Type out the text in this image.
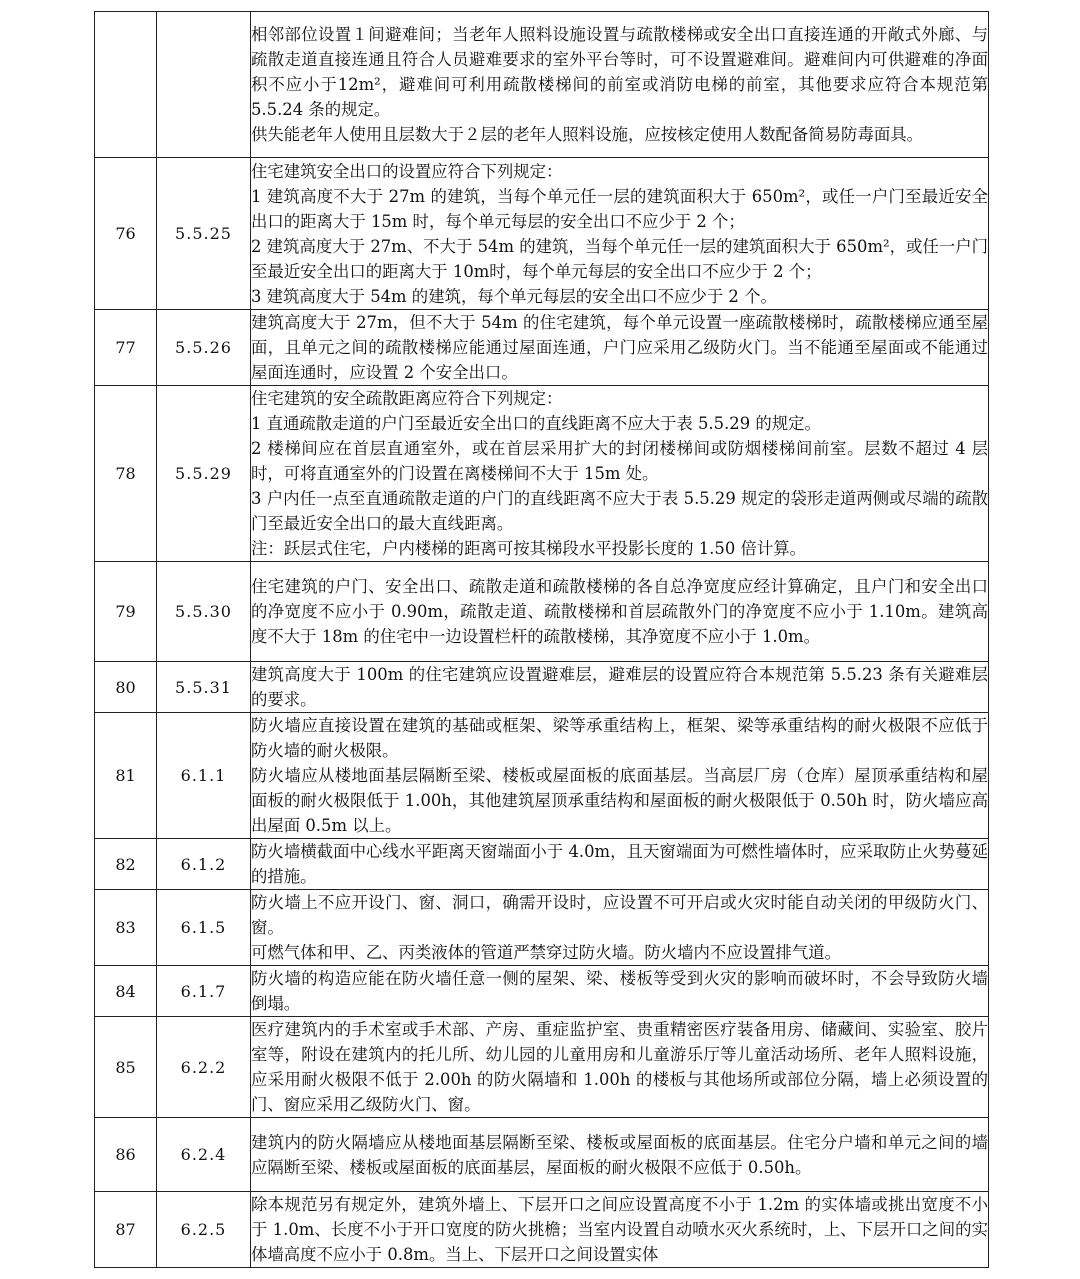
		相邻部位设置１间避难间；当老年人照料设施设置与疏散楼梯或安全出口直接连通的开敞式外廊、与疏散走道直接连通且符合人员避难要求的室外平台等时，可不设置避难间。避难间内可供避难的净面积不应小于12m²，避难间可利用疏散楼梯间的前室或消防电梯的前室，其他要求应符合本规范第 5.5.24 条的规定。

供失能老年人使用且层数大于２层的老年人照料设施，应按核定使用人数配备简易防毒面具。

76	5.5.25	住宅建筑安全出口的设置应符合下列规定：

1 建筑高度不大于 27m 的建筑，当每个单元任一层的建筑面积大于 650m²，或任一户门至最近安全出口的距离大于 15m 时，每个单元每层的安全出口不应少于 2 个；

2 建筑高度大于 27m、不大于 54m 的建筑，当每个单元任一层的建筑面积大于 650m²，或任一户门至最近安全出口的距离大于 10m时，每个单元每层的安全出口不应少于 2 个；

3 建筑高度大于 54m 的建筑，每个单元每层的安全出口不应少于 2 个。

77	5.5.26	建筑高度大于 27m，但不大于 54m 的住宅建筑，每个单元设置一座疏散楼梯时，疏散楼梯应通至屋面，且单元之间的疏散楼梯应能通过屋面连通，户门应采用乙级防火门。当不能通至屋面或不能通过屋面连通时，应设置 2 个安全出口。

78	5.5.29	住宅建筑的安全疏散距离应符合下列规定：

1 直通疏散走道的户门至最近安全出口的直线距离不应大于表 5.5.29 的规定。

2 楼梯间应在首层直通室外，或在首层采用扩大的封闭楼梯间或防烟楼梯间前室。层数不超过 4 层时，可将直通室外的门设置在离楼梯间不大于 15m 处。

3 户内任一点至直通疏散走道的户门的直线距离不应大于表 5.5.29 规定的袋形走道两侧或尽端的疏散门至最近安全出口的最大直线距离。

注：跃层式住宅，户内楼梯的距离可按其梯段水平投影长度的 1.50 倍计算。

79	5.5.30	住宅建筑的户门、安全出口、疏散走道和疏散楼梯的各自总净宽度应经计算确定，且户门和安全出口的净宽度不应小于 0.90m，疏散走道、疏散楼梯和首层疏散外门的净宽度不应小于 1.10m。建筑高度不大于 18m 的住宅中一边设置栏杆的疏散楼梯，其净宽度不应小于 1.0m。

80	5.5.31	建筑高度大于 100m 的住宅建筑应设置避难层，避难层的设置应符合本规范第 5.5.23 条有关避难层的要求。

81	6.1.1	防火墙应直接设置在建筑的基础或框架、梁等承重结构上，框架、梁等承重结构的耐火极限不应低于防火墙的耐火极限。

防火墙应从楼地面基层隔断至梁、楼板或屋面板的底面基层。当高层厂房（仓库）屋顶承重结构和屋面板的耐火极限低于 1.00h，其他建筑屋顶承重结构和屋面板的耐火极限低于 0.50h 时，防火墙应高出屋面 0.5m 以上。

82	6.1.2	防火墙横截面中心线水平距离天窗端面小于 4.0m，且天窗端面为可燃性墙体时，应采取防止火势蔓延的措施。

83	6.1.5	防火墙上不应开设门、窗、洞口，确需开设时，应设置不可开启或火灾时能自动关闭的甲级防火门、窗。

可燃气体和甲、乙、丙类液体的管道严禁穿过防火墙。防火墙内不应设置排气道。

84	6.1.7	防火墙的构造应能在防火墙任意一侧的屋架、梁、楼板等受到火灾的影响而破坏时，不会导致防火墙倒塌。

85	6.2.2	医疗建筑内的手术室或手术部、产房、重症监护室、贵重精密医疗装备用房、储藏间、实验室、胶片室等，附设在建筑内的托儿所、幼儿园的儿童用房和儿童游乐厅等儿童活动场所、老年人照料设施，应采用耐火极限不低于 2.00h 的防火隔墙和 1.00h 的楼板与其他场所或部位分隔，墙上必须设置的门、窗应采用乙级防火门、窗。

86	6.2.4	建筑内的防火隔墙应从楼地面基层隔断至梁、楼板或屋面板的底面基层。住宅分户墙和单元之间的墙应隔断至梁、楼板或屋面板的底面基层，屋面板的耐火极限不应低于 0.50h。

87	6.2.5	除本规范另有规定外，建筑外墙上、下层开口之间应设置高度不小于 1.2m 的实体墙或挑出宽度不小于 1.0m、长度不小于开口宽度的防火挑檐；当室内设置自动喷水灭火系统时，上、下层开口之间的实体墙高度不应小于 0.8m。当上、下层开口之间设置实体
